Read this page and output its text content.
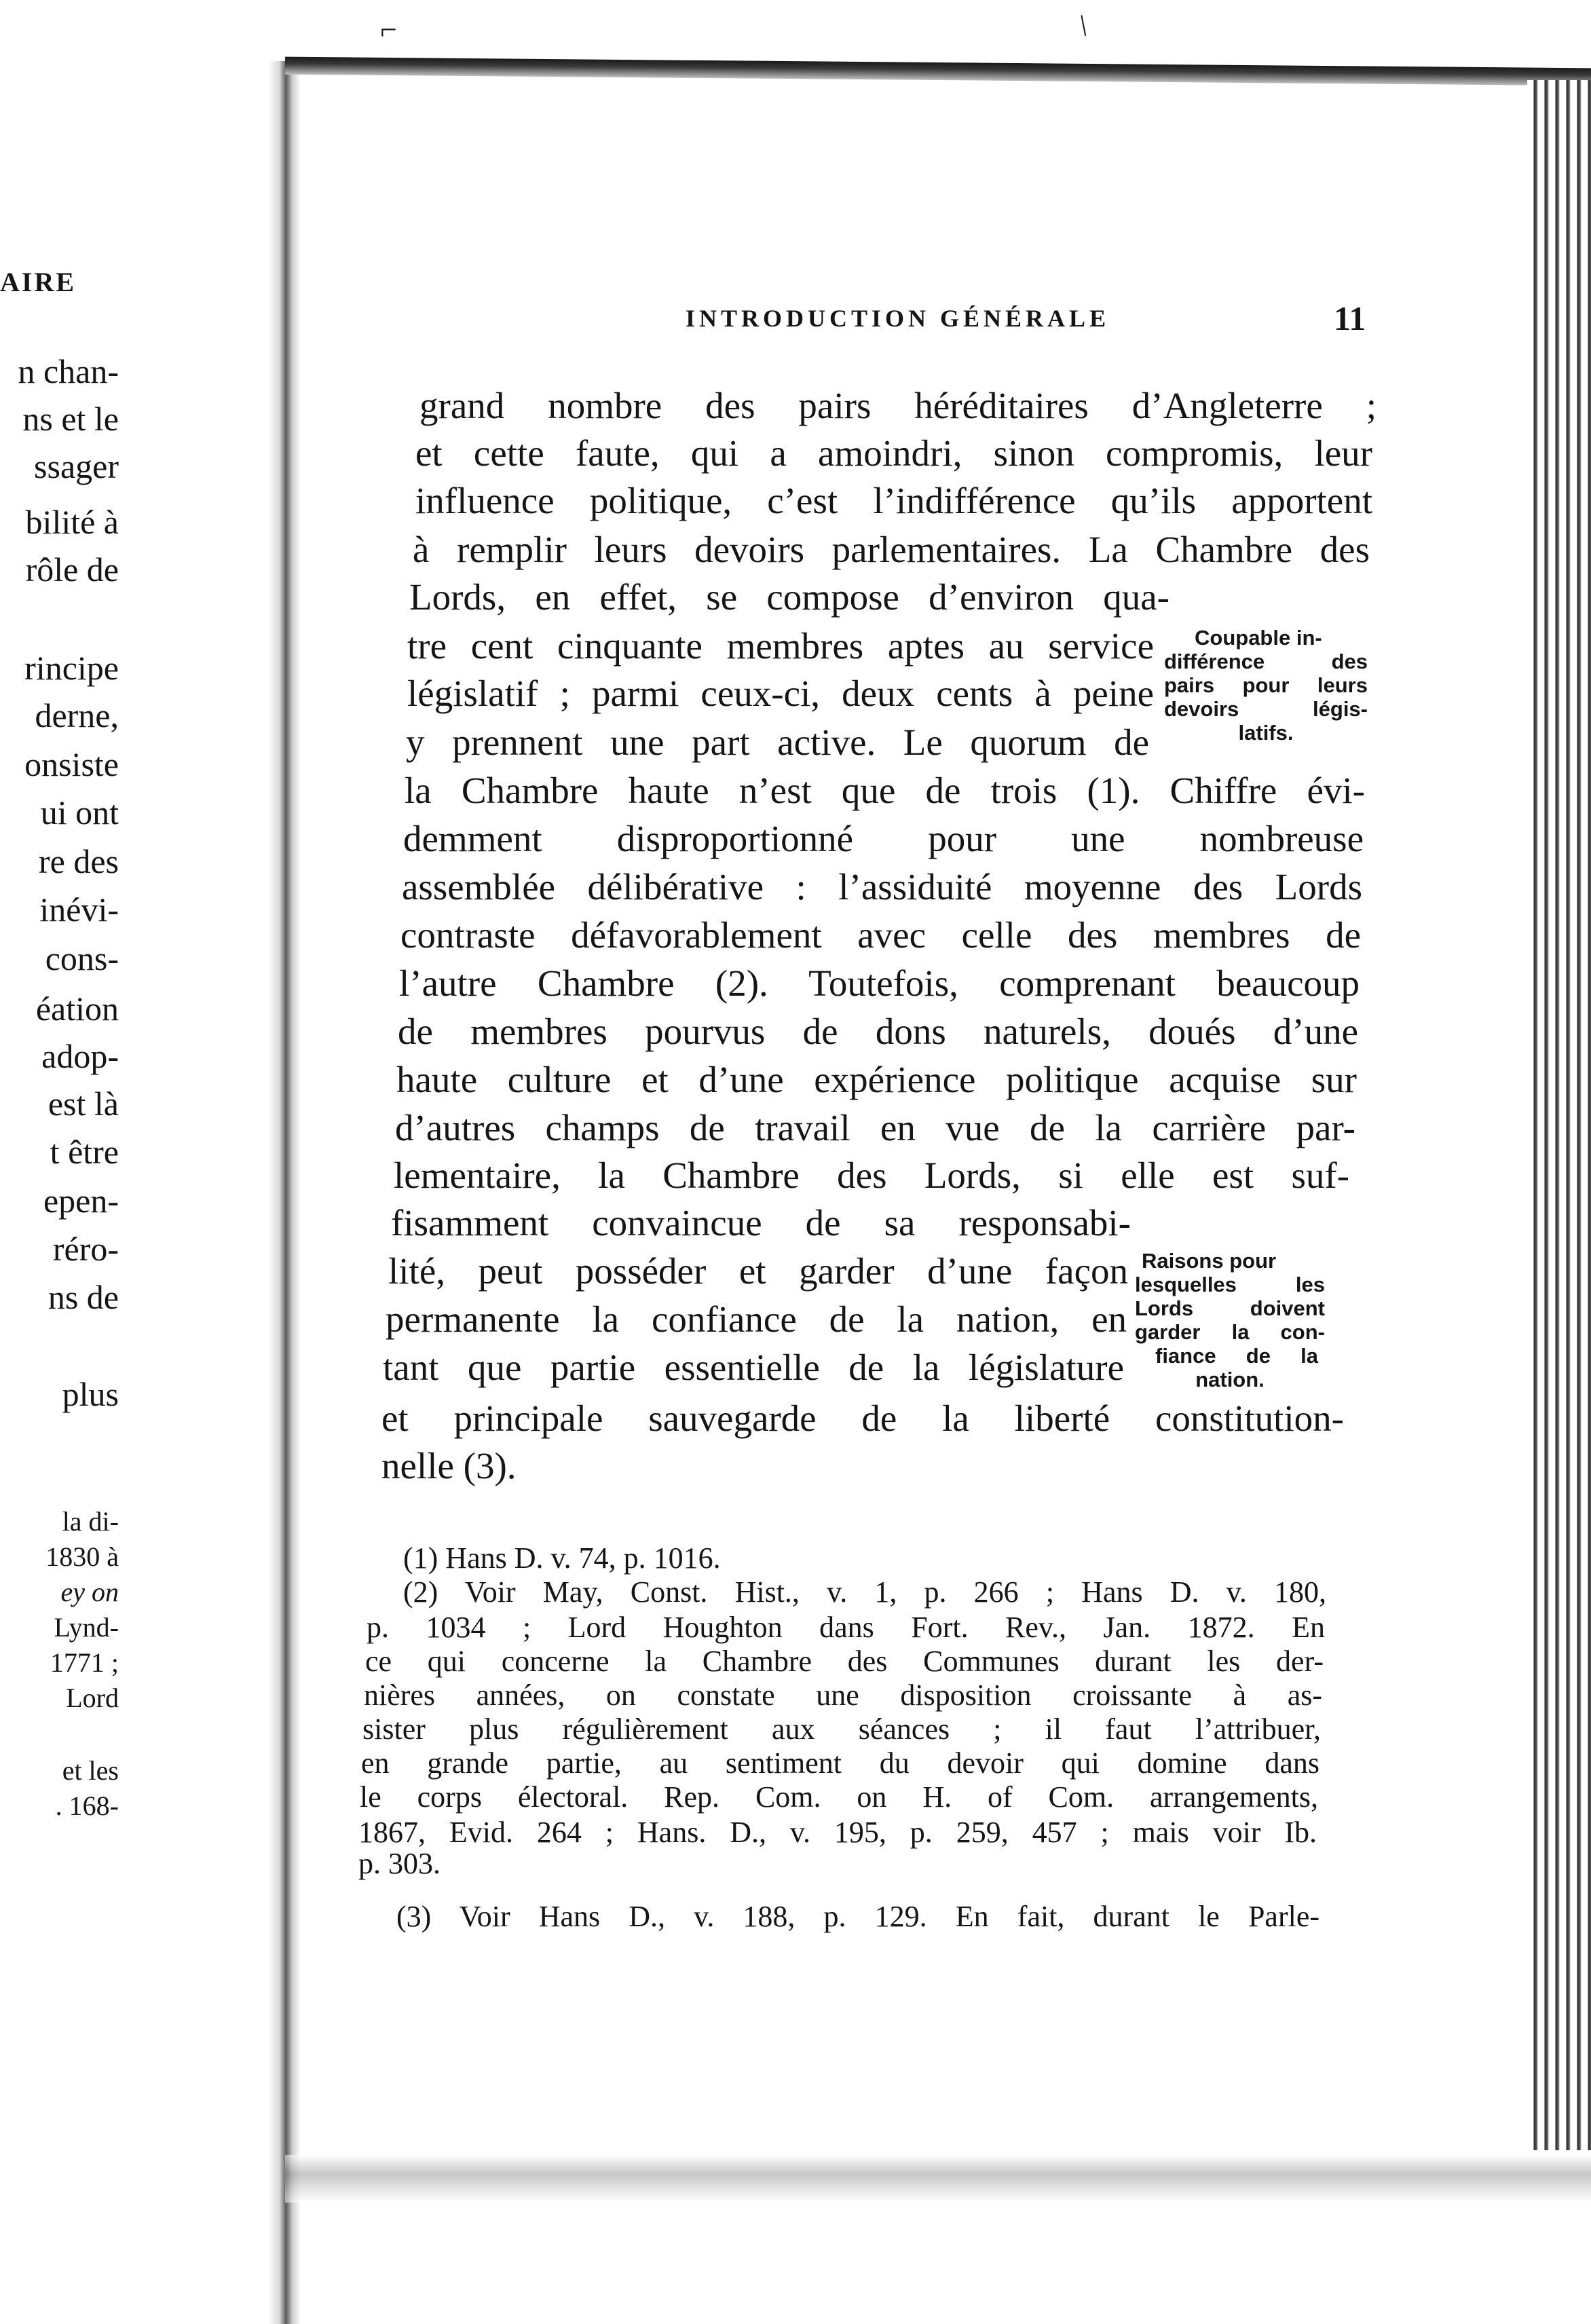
⌐	/
AIRE
n chan-
ns et le
ssager
bilité à
rôle de
rincipe
derne,
onsiste
ui ont
re des
inévi-
cons-
éation
adop-
est là
t être
epen-
réro-
ns de
plus
la di-
1830 à
ey on
Lynd-
1771 ;
Lord
et les
. 168-
INTRODUCTION GÉNÉRALE	11
grand nombre des pairs héréditaires d’Angleterre ;
et cette faute, qui a amoindri, sinon compromis, leur
influence politique, c’est l’indifférence qu’ils apportent
à remplir leurs devoirs parlementaires. La Chambre des
Lords, en effet, se compose d’environ qua-
tre cent cinquante membres aptes au service
législatif ; parmi ceux-ci, deux cents à peine
y prennent une part active. Le quorum de
la Chambre haute n’est que de trois (1). Chiffre évi-
demment disproportionné pour une nombreuse
assemblée délibérative : l’assiduité moyenne des Lords
contraste défavorablement avec celle des membres de
l’autre Chambre (2). Toutefois, comprenant beaucoup
de membres pourvus de dons naturels, doués d’une
haute culture et d’une expérience politique acquise sur
d’autres champs de travail en vue de la carrière par-
lementaire, la Chambre des Lords, si elle est suf-
fisamment convaincue de sa responsabi-
lité, peut posséder et garder d’une façon
permanente la confiance de la nation, en
tant que partie essentielle de la législature
et principale sauvegarde de la liberté constitution-
nelle (3).
Coupable in-
différence des
pairs pour leurs
devoirs légis-
latifs.
Raisons pour
lesquelles les
Lords doivent
garder la con-
fiance de la
nation.
(1) Hans D. v. 74, p. 1016.
(2) Voir May, Const. Hist., v. 1, p. 266 ; Hans D. v. 180,
p. 1034 ; Lord Houghton dans Fort. Rev., Jan. 1872. En
ce qui concerne la Chambre des Communes durant les der-
nières années, on constate une disposition croissante à as-
sister plus régulièrement aux séances ; il faut l’attribuer,
en grande partie, au sentiment du devoir qui domine dans
le corps électoral. Rep. Com. on H. of Com. arrangements,
1867, Evid. 264 ; Hans. D., v. 195, p. 259, 457 ; mais voir Ib.
p. 303.
(3) Voir Hans D., v. 188, p. 129. En fait, durant le Parle-
